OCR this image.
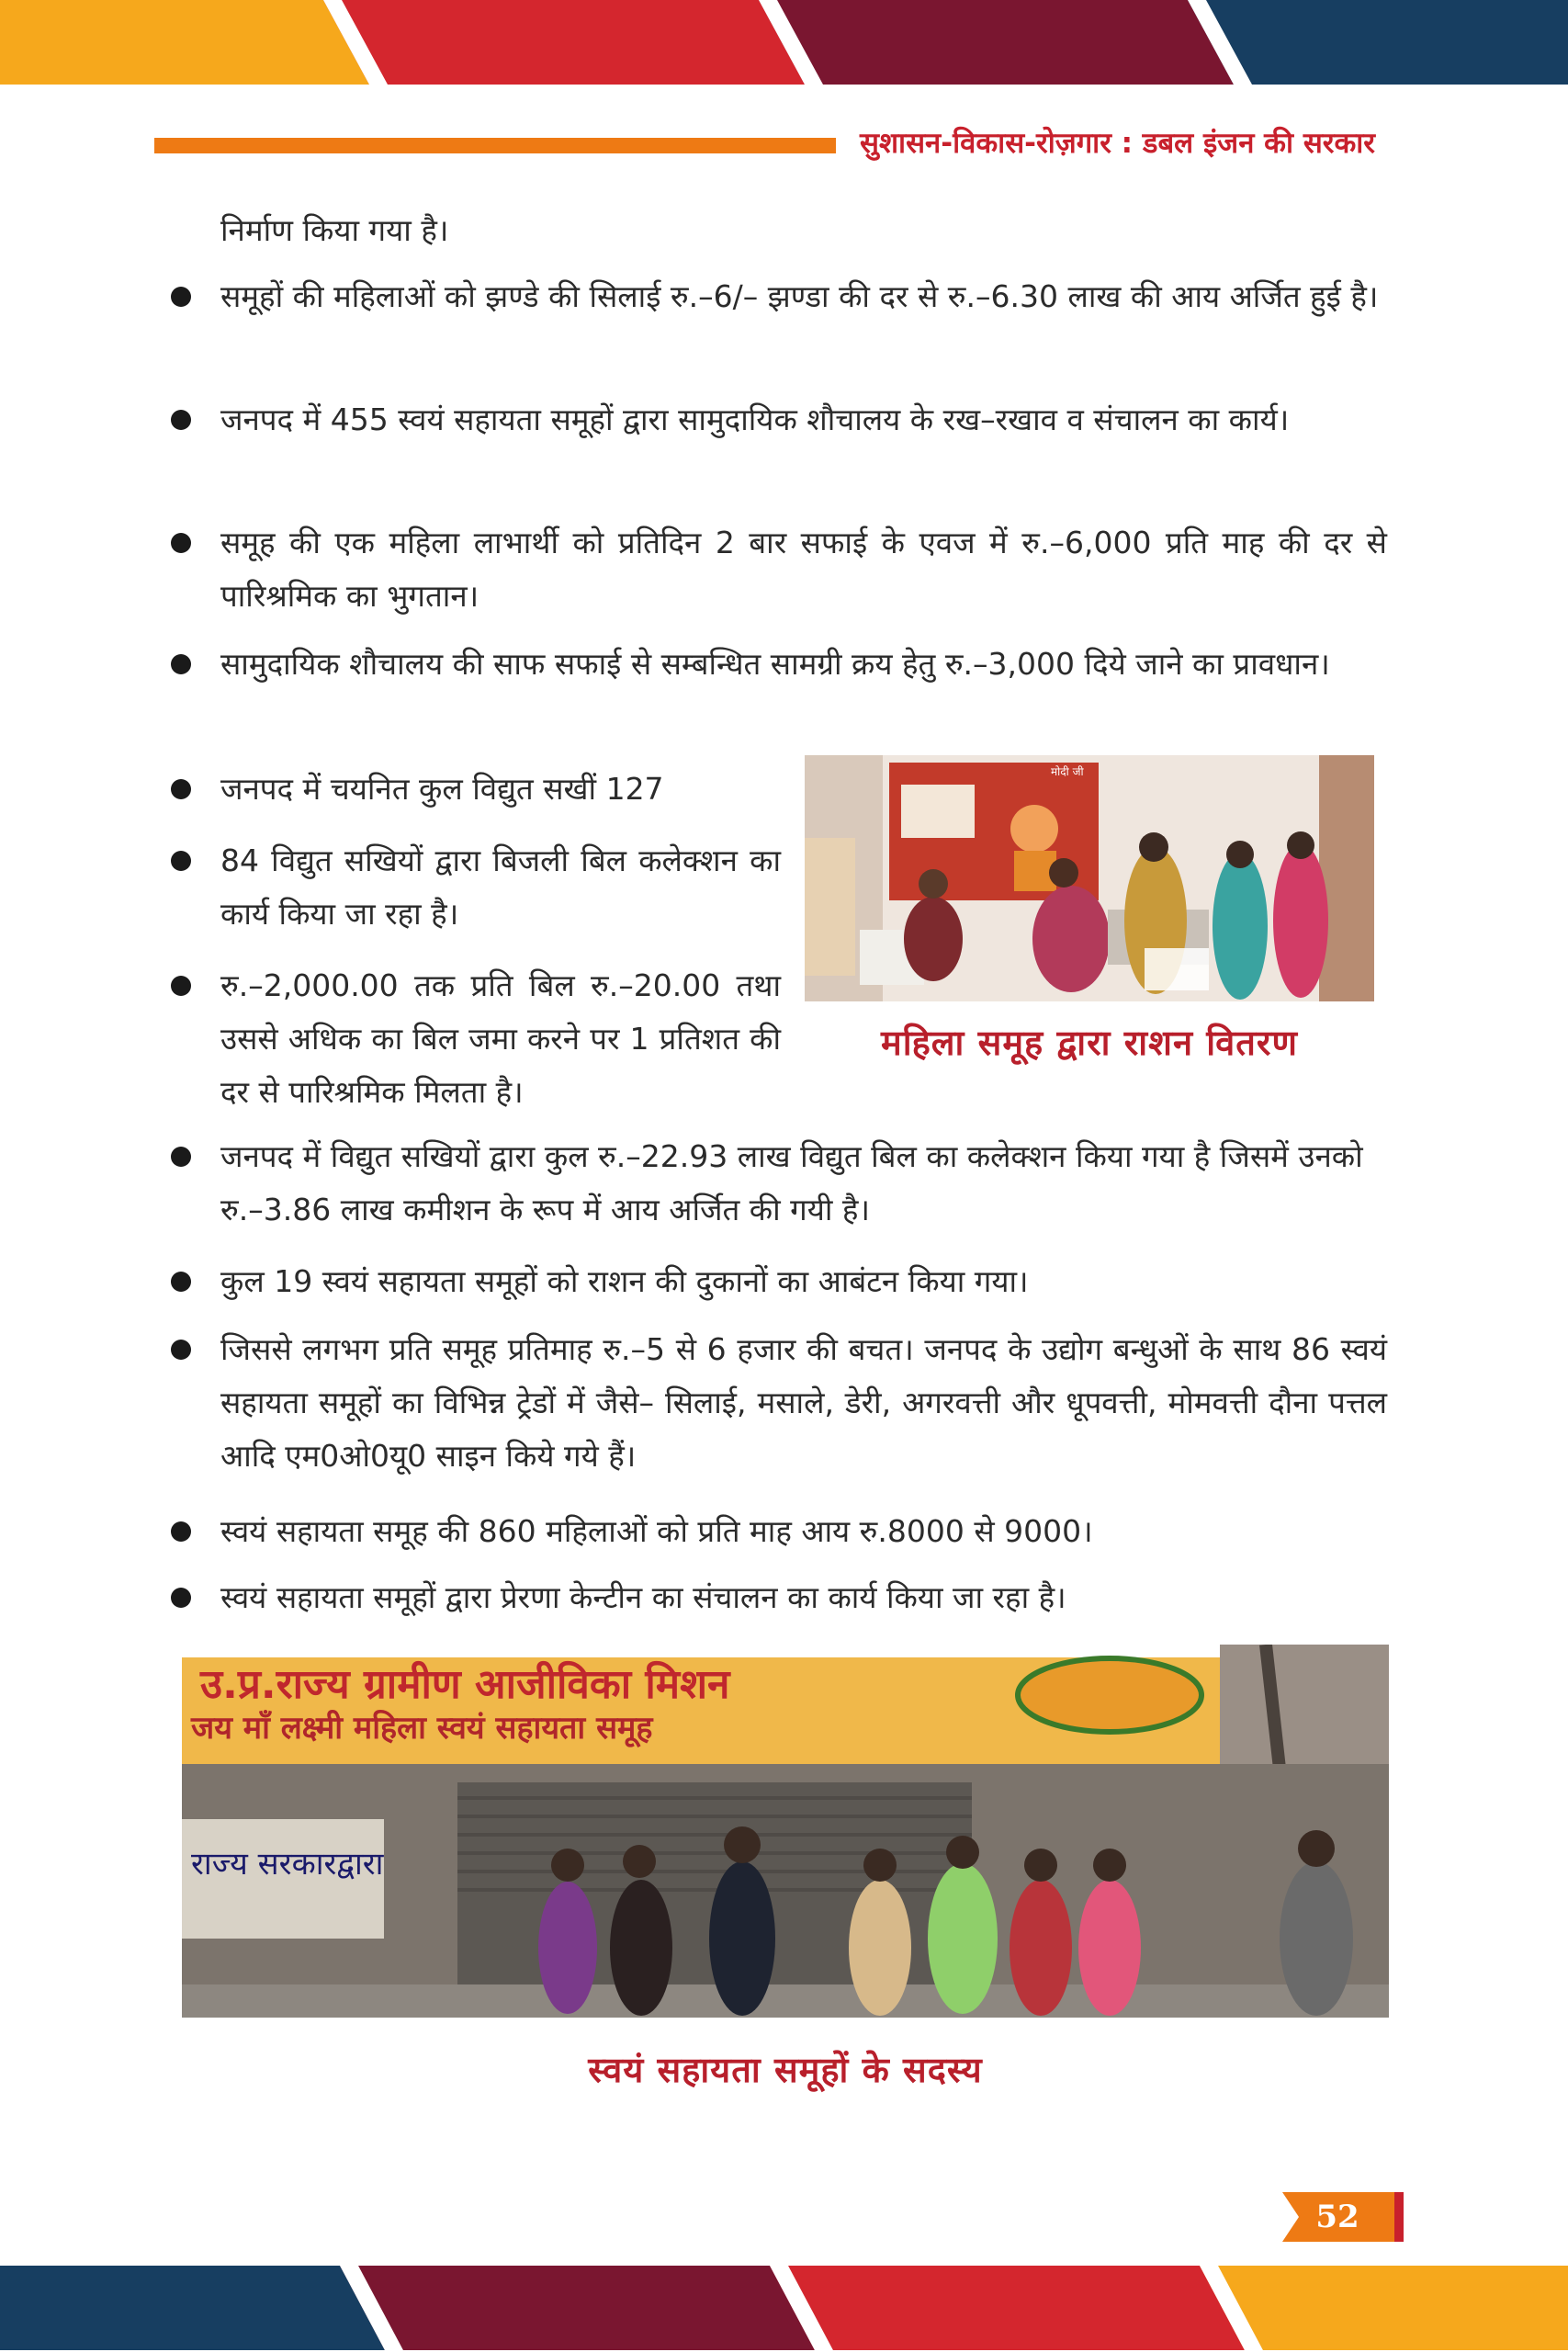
सुशासन-विकास-रोज़गार : डबल इंजन की सरकार
निर्माण किया गया है।
समूहों की महिलाओं को झण्डे की सिलाई रु.–6/– झण्डा की दर से रु.–6.30 लाख की आय अर्जित हुई है।
जनपद में 455 स्वयं सहायता समूहों द्वारा सामुदायिक शौचालय के रख–रखाव व संचालन का कार्य।
समूह की एक महिला लाभार्थी को प्रतिदिन 2 बार सफाई के एवज में रु.–6,000 प्रति माह की दर से पारिश्रमिक का भुगतान।
सामुदायिक शौचालय की साफ सफाई से सम्बन्धित सामग्री क्रय हेतु रु.–3,000 दिये जाने का प्रावधान।
जनपद में चयनित कुल विद्युत सखीं 127
84 विद्युत सखियों द्वारा बिजली बिल कलेक्शन का कार्य किया जा रहा है।
रु.–2,000.00 तक प्रति बिल रु.–20.00 तथा उससे अधिक का बिल जमा करने पर 1 प्रतिशत की दर से पारिश्रमिक मिलता है।
मोदी जी
महिला समूह द्वारा राशन वितरण
जनपद में विद्युत सखियों द्वारा कुल रु.–22.93 लाख विद्युत बिल का कलेक्शन किया गया है जिसमें उनको रु.–3.86 लाख कमीशन के रूप में आय अर्जित की गयी है।
कुल 19 स्वयं सहायता समूहों को राशन की दुकानों का आबंटन किया गया।
जिससे लगभग प्रति समूह प्रतिमाह रु.–5 से 6 हजार की बचत। जनपद के उद्योग बन्धुओं के साथ 86 स्वयं सहायता समूहों का विभिन्न ट्रेडों में जैसे– सिलाई, मसाले, डेरी, अगरवत्ती और धूपवत्ती, मोमवत्ती दौना पत्तल आदि एम0ओ0यू0 साइन किये गये हैं।
स्वयं सहायता समूह की 860 महिलाओं को प्रति माह आय रु.8000 से 9000।
स्वयं सहायता समूहों द्वारा प्रेरणा केन्टीन का संचालन का कार्य किया जा रहा है।
उ.प्र.राज्य ग्रामीण आजीविका मिशन
जय माँ लक्ष्मी महिला स्वयं सहायता समूह
राज्य सरकारद्वारा
स्वयं सहायता समूहों के सदस्य
52
